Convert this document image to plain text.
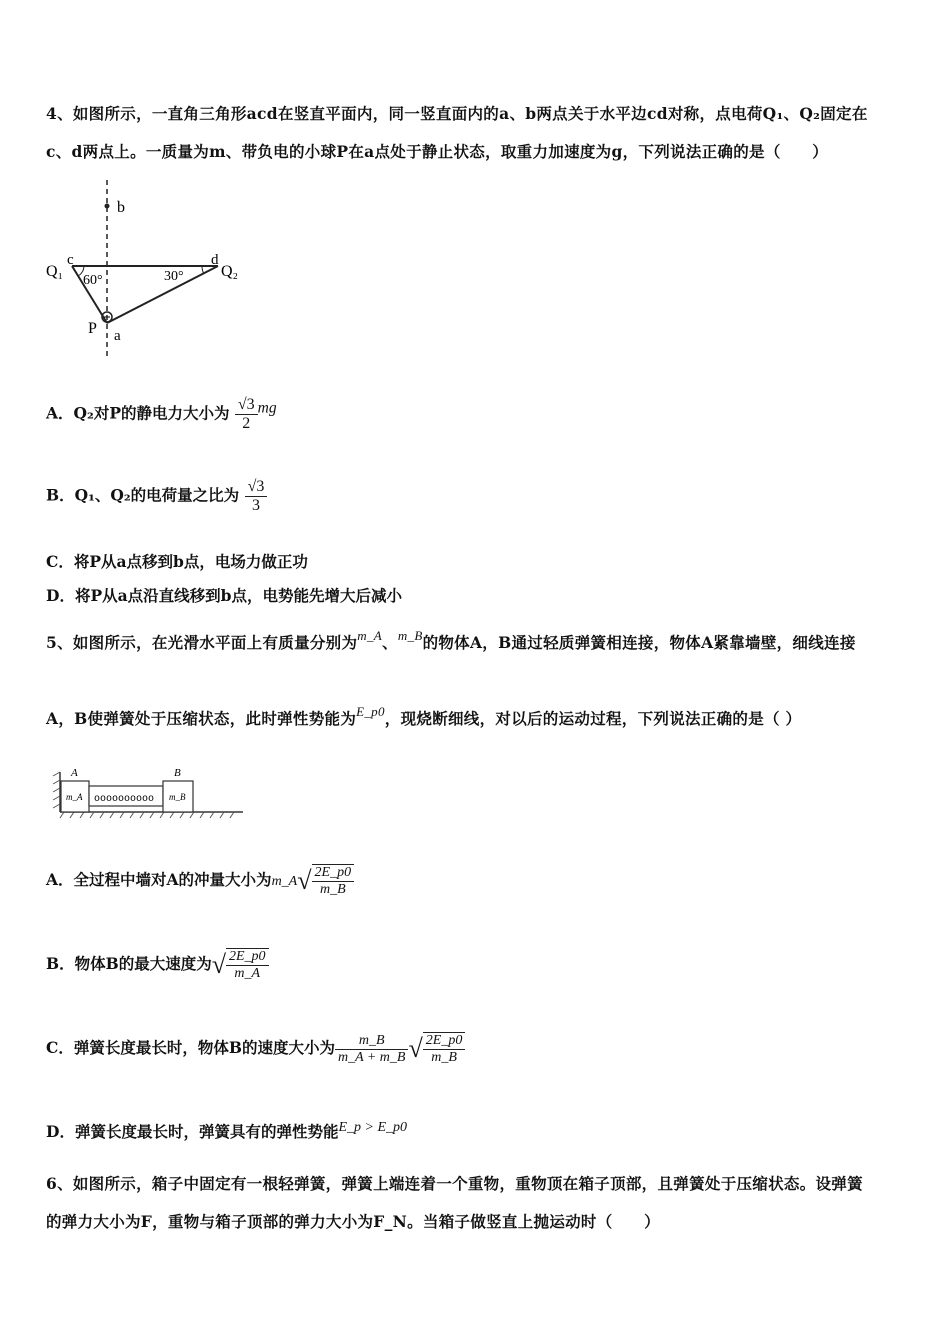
4、如图所示，一直角三角形acd在竖直平面内，同一竖直面内的a、b两点关于水平边cd对称，点电荷Q₁、Q₂固定在
c、d两点上。一质量为m、带负电的小球P在a点处于静止状态，取重力加速度为g，下列说法正确的是（　　）
b
c	d
Q₁	Q₂
60°	30°
P a
A．Q₂对P的静电力大小为 $\frac{√3}{2}$ mg
B．Q₁、Q₂的电荷量之比为 $\frac{√3}{3}$
C．将P从a点移到b点，电场力做正功
D．将P从a点沿直线移到b点，电势能先增大后减小
5、如图所示，在光滑水平面上有质量分别为$^{m\_A}$、$^{m\_B}$的物体A，B通过轻质弹簧相连接，物体A紧靠墙壁，细线连接
A，B使弹簧处于压缩状态，此时弹性势能为$^{E\_p0}$，现烧断细线，对以后的运动过程，下列说法正确的是（ ）
A
m_A oooooooooo
B
m_B
A．全过程中墙对A的冲量大小为m_A√ $\frac{2E\_p0}{m\_B}$
B．物体B的最大速度为√ $\frac{2E\_p0}{m\_A}$
C．弹簧长度最长时，物体B的速度大小为 $\frac{m\_B}{m\_A + m\_B}$ √ $\frac{2E\_p0}{m\_B}$
D．弹簧长度最长时，弹簧具有的弹性势能E_p > E_p0
6、如图所示，箱子中固定有一根轻弹簧，弹簧上端连着一个重物，重物顶在箱子顶部，且弹簧处于压缩状态。设弹簧
的弹力大小为F，重物与箱子顶部的弹力大小为F_N。当箱子做竖直上抛运动时（　　）
